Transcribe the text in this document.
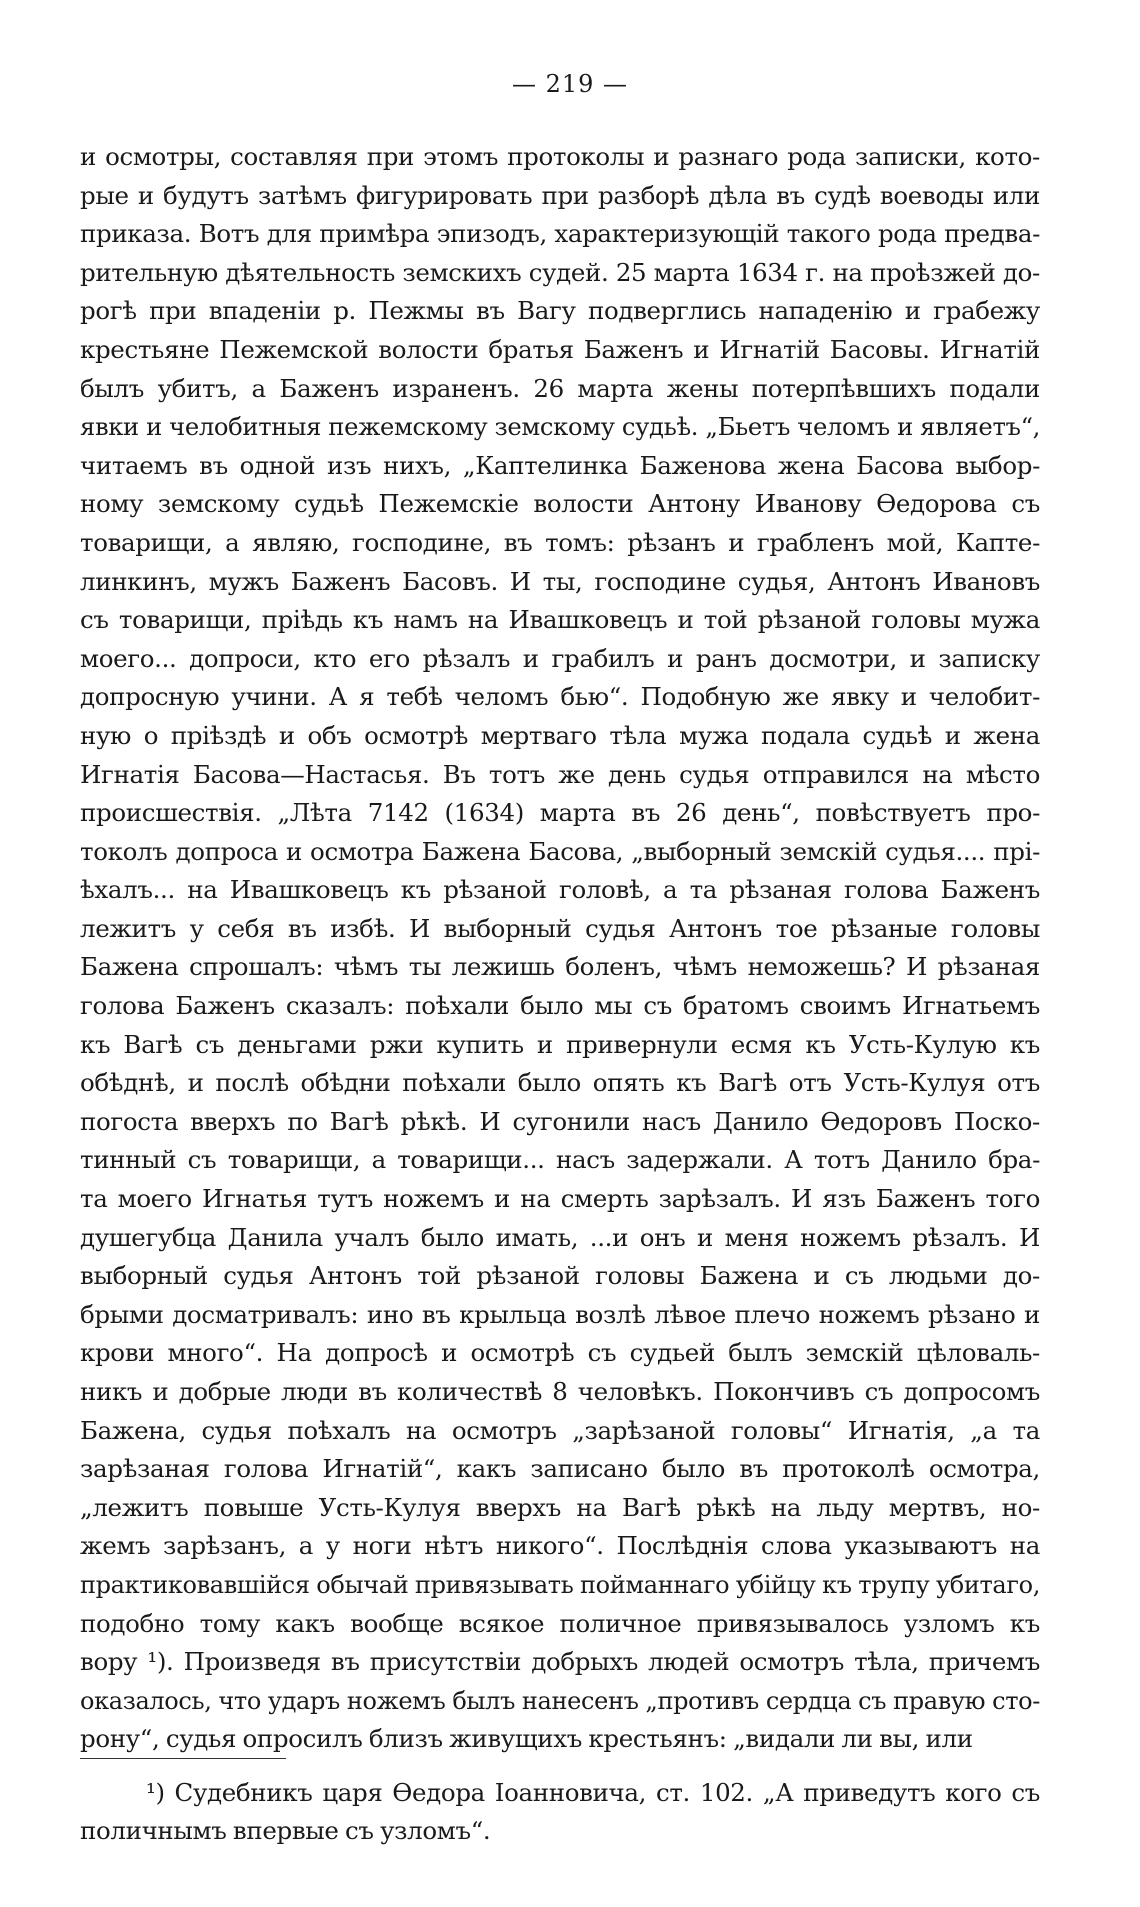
— 219 —
и осмотры, составляя при этомъ протоколы и разнаго рода записки, кото-
рые и будутъ затѣмъ фигурировать при разборѣ дѣла въ судѣ воеводы или
приказа. Вотъ для примѣра эпизодъ, характеризующій такого рода предва-
рительную дѣятельность земскихъ судей. 25 марта 1634 г. на проѣзжей до-
рогѣ при впаденіи р. Пежмы въ Вагу подверглись нападенію и грабежу
крестьяне Пежемской волости братья Баженъ и Игнатій Басовы. Игнатій
былъ убитъ, а Баженъ израненъ. 26 марта жены потерпѣвшихъ подали
явки и челобитныя пежемскому земскому судьѣ. „Бьетъ челомъ и являетъ“,
читаемъ въ одной изъ нихъ, „Каптелинка Баженова жена Басова выбор-
ному земскому судьѣ Пежемскіе волости Антону Иванову Ѳедорова съ
товарищи, а являю, господине, въ томъ: рѣзанъ и грабленъ мой, Капте-
линкинъ, мужъ Баженъ Басовъ. И ты, господине судья, Антонъ Ивановъ
съ товарищи, пріѣдь къ намъ на Ивашковецъ и той рѣзаной головы мужа
моего... допроси, кто его рѣзалъ и грабилъ и ранъ досмотри, и записку
допросную учини. А я тебѣ челомъ бью“. Подобную же явку и челобит-
ную о пріѣздѣ и объ осмотрѣ мертваго тѣла мужа подала судьѣ и жена
Игнатія Басова—Настасья. Въ тотъ же день судья отправился на мѣсто
происшествія. „Лѣта 7142 (1634) марта въ 26 день“, повѣствуетъ про-
токолъ допроса и осмотра Бажена Басова, „выборный земскій судья.... прі-
ѣхалъ... на Ивашковецъ къ рѣзаной головѣ, а та рѣзаная голова Баженъ
лежитъ у себя въ избѣ. И выборный судья Антонъ тое рѣзаные головы
Бажена спрошалъ: чѣмъ ты лежишь боленъ, чѣмъ неможешь? И рѣзаная
голова Баженъ сказалъ: поѣхали было мы съ братомъ своимъ Игнатьемъ
къ Вагѣ съ деньгами ржи купить и привернули есмя къ Усть-Кулую къ
обѣднѣ, и послѣ обѣдни поѣхали было опять къ Вагѣ отъ Усть-Кулуя отъ
погоста вверхъ по Вагѣ рѣкѣ. И сугонили насъ Данило Ѳедоровъ Поско-
тинный съ товарищи, а товарищи... насъ задержали. А тотъ Данило бра-
та моего Игнатья тутъ ножемъ и на смерть зарѣзалъ. И язъ Баженъ того
душегубца Данила учалъ было имать, ...и онъ и меня ножемъ рѣзалъ. И
выборный судья Антонъ той рѣзаной головы Бажена и съ людьми до-
брыми досматривалъ: ино въ крыльца возлѣ лѣвое плечо ножемъ рѣзано и
крови много“. На допросѣ и осмотрѣ съ судьей былъ земскій цѣловаль-
никъ и добрые люди въ количествѣ 8 человѣкъ. Покончивъ съ допросомъ
Бажена, судья поѣхалъ на осмотръ „зарѣзаной головы“ Игнатія, „а та
зарѣзаная голова Игнатій“, какъ записано было въ протоколѣ осмотра,
„лежитъ повыше Усть-Кулуя вверхъ на Вагѣ рѣкѣ на льду мертвъ, но-
жемъ зарѣзанъ, а у ноги нѣтъ никого“. Послѣднія слова указываютъ на
практиковавшійся обычай привязывать пойманнаго убійцу къ трупу убитаго,
подобно тому какъ вообще всякое поличное привязывалось узломъ къ
вору ¹). Произведя въ присутствіи добрыхъ людей осмотръ тѣла, причемъ
оказалось, что ударъ ножемъ былъ нанесенъ „противъ сердца съ правую сто-
рону“, судья опросилъ близъ живущихъ крестьянъ: „видали ли вы, или
¹) Судебникъ царя Ѳедора Іоанновича, ст. 102. „А приведутъ кого съ
поличнымъ впервые съ узломъ“.
